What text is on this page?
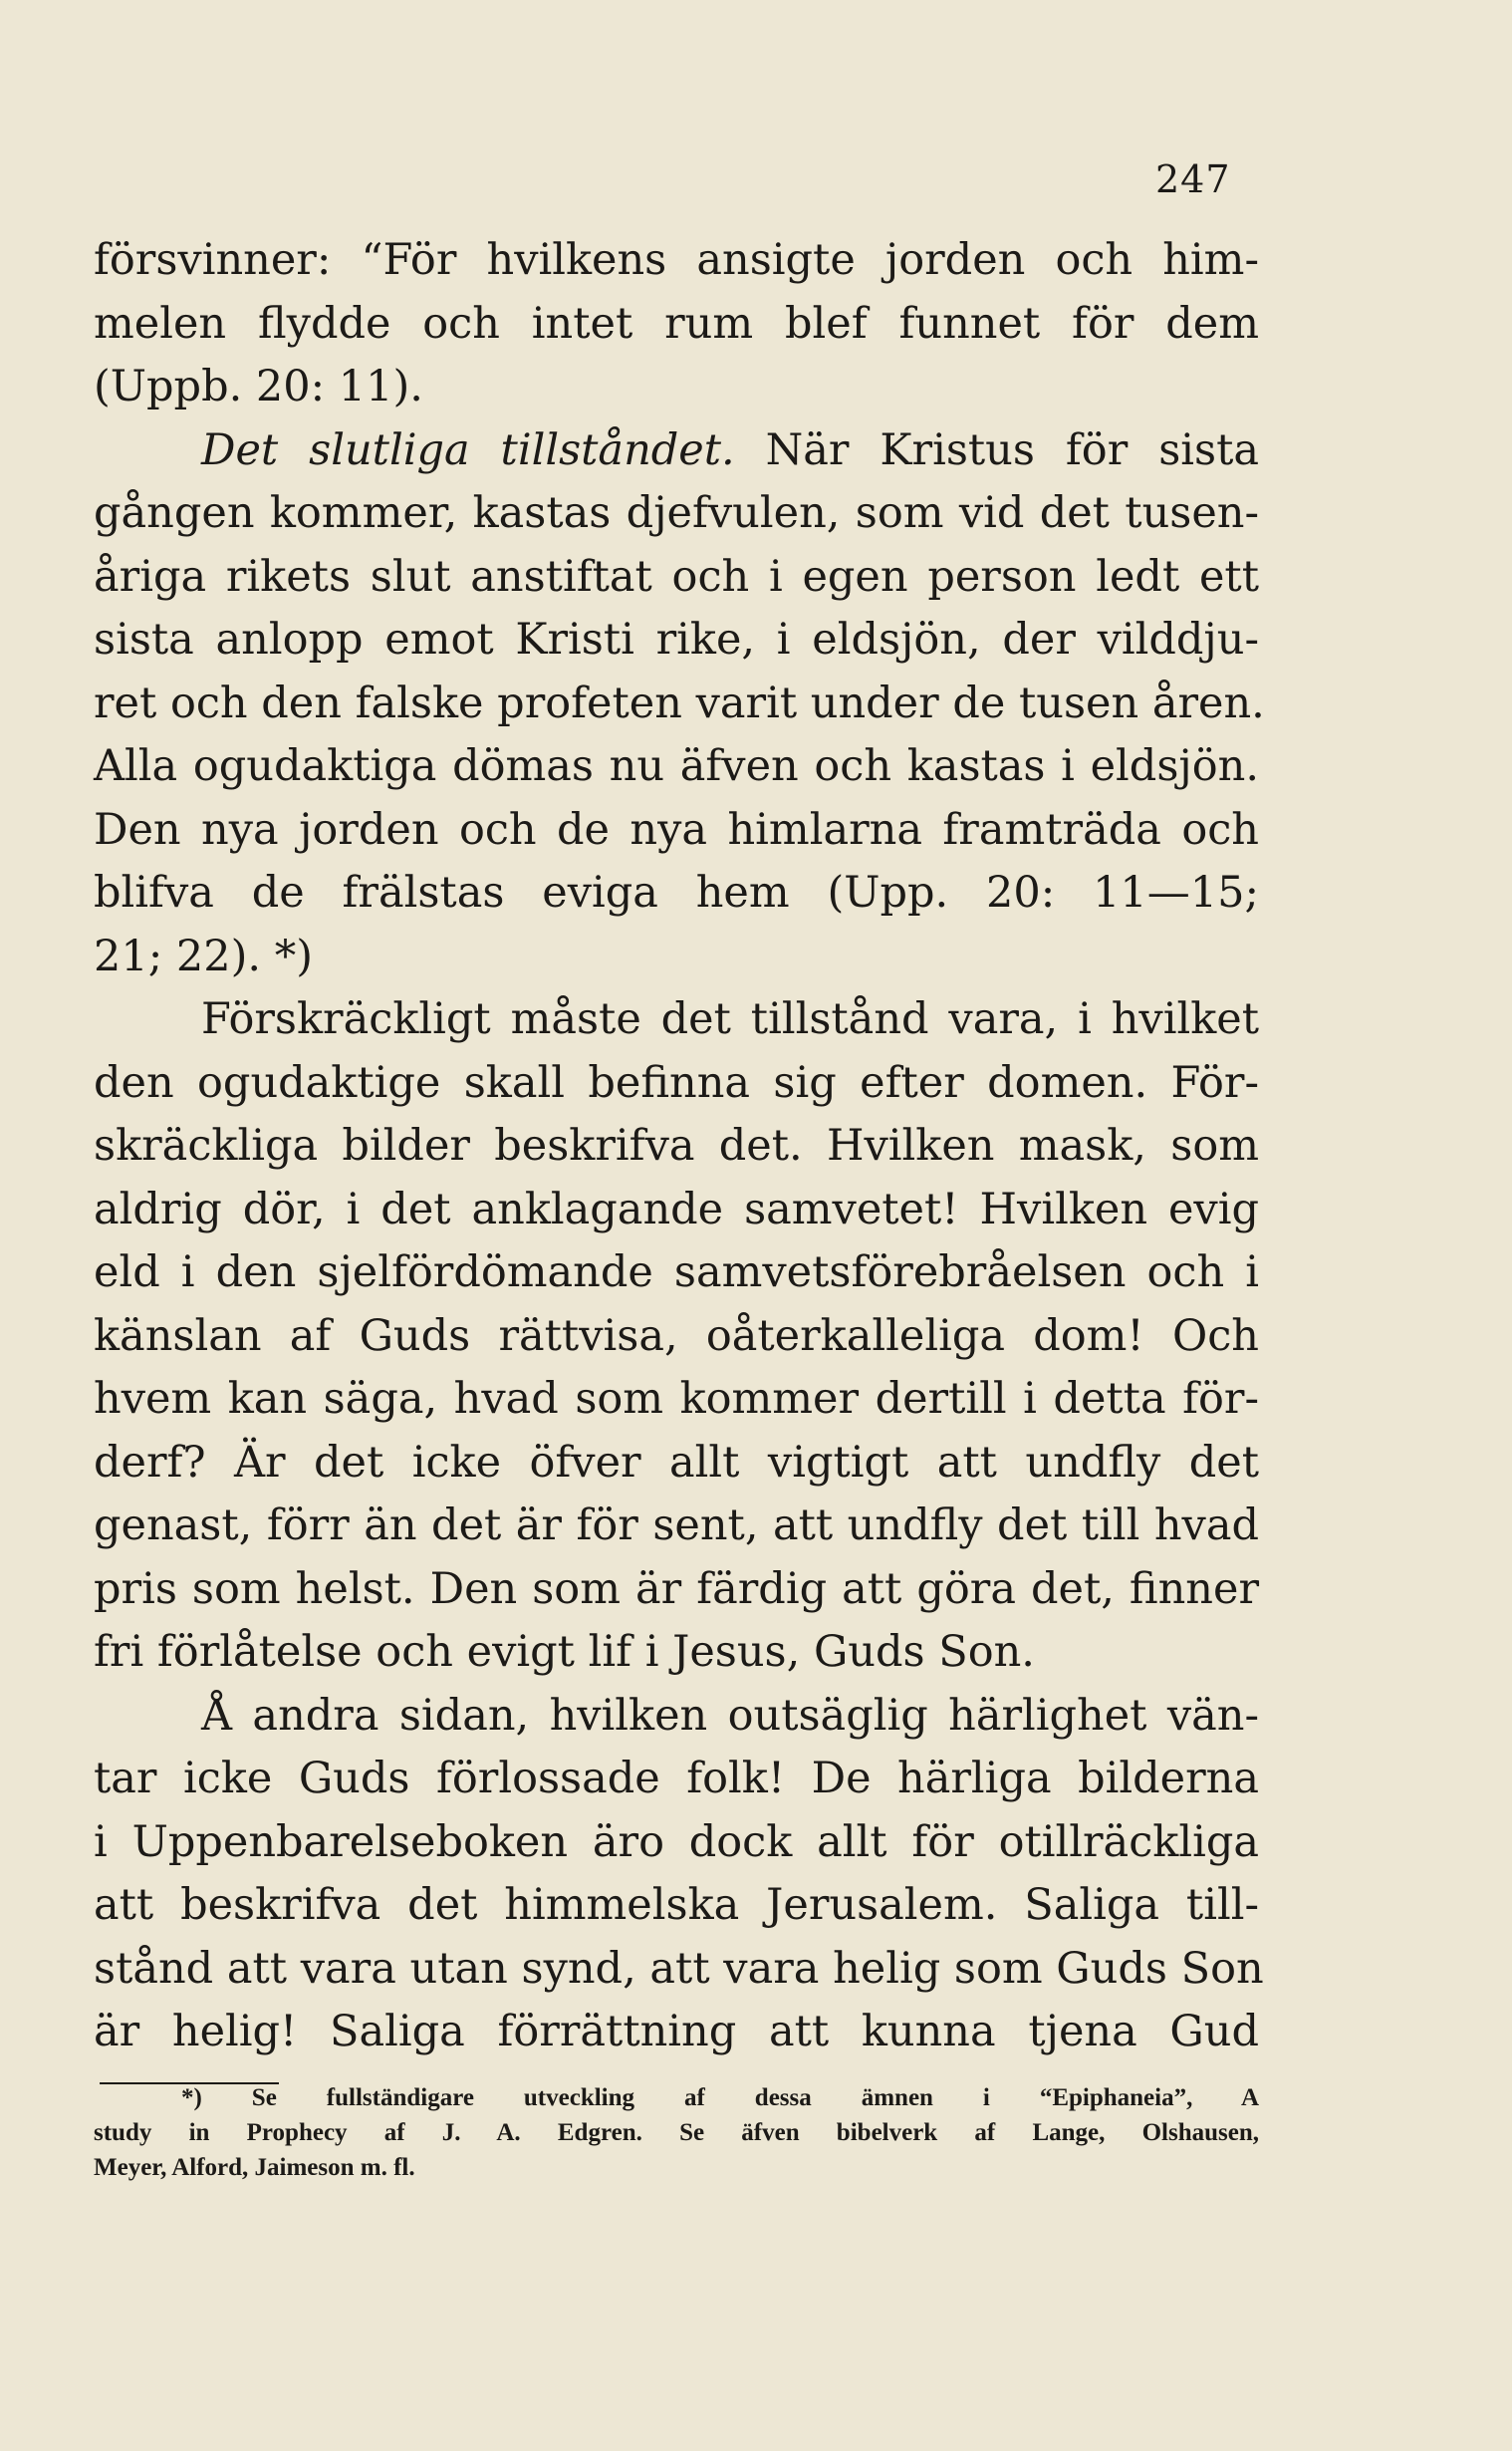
247
försvinner: “För hvilkens ansigte jorden och him-
melen flydde och intet rum blef funnet för dem
(Uppb. 20: 11).
Det slutliga tillståndet. När Kristus för sista
gången kommer, kastas djefvulen, som vid det tusen-
åriga rikets slut anstiftat och i egen person ledt ett
sista anlopp emot Kristi rike, i eldsjön, der vilddju-
ret och den falske profeten varit under de tusen åren.
Alla ogudaktiga dömas nu äfven och kastas i eldsjön.
Den nya jorden och de nya himlarna framträda och
blifva de frälstas eviga hem (Upp. 20: 11—15;
21; 22). *)
Förskräckligt måste det tillstånd vara, i hvilket
den ogudaktige skall befinna sig efter domen. För-
skräckliga bilder beskrifva det. Hvilken mask, som
aldrig dör, i det anklagande samvetet! Hvilken evig
eld i den sjelfördömande samvetsförebråelsen och i
känslan af Guds rättvisa, oåterkalleliga dom! Och
hvem kan säga, hvad som kommer dertill i detta för-
derf? Är det icke öfver allt vigtigt att undfly det
genast, förr än det är för sent, att undfly det till hvad
pris som helst. Den som är färdig att göra det, finner
fri förlåtelse och evigt lif i Jesus, Guds Son.
Å andra sidan, hvilken outsäglig härlighet vän-
tar icke Guds förlossade folk! De härliga bilderna
i Uppenbarelseboken äro dock allt för otillräckliga
att beskrifva det himmelska Jerusalem. Saliga till-
stånd att vara utan synd, att vara helig som Guds Son
är helig! Saliga förrättning att kunna tjena Gud
*) Se fullständigare utveckling af dessa ämnen i “Epiphaneia”, A
study in Prophecy af J. A. Edgren. Se äfven bibelverk af Lange, Olshausen,
Meyer, Alford, Jaimeson m. fl.
